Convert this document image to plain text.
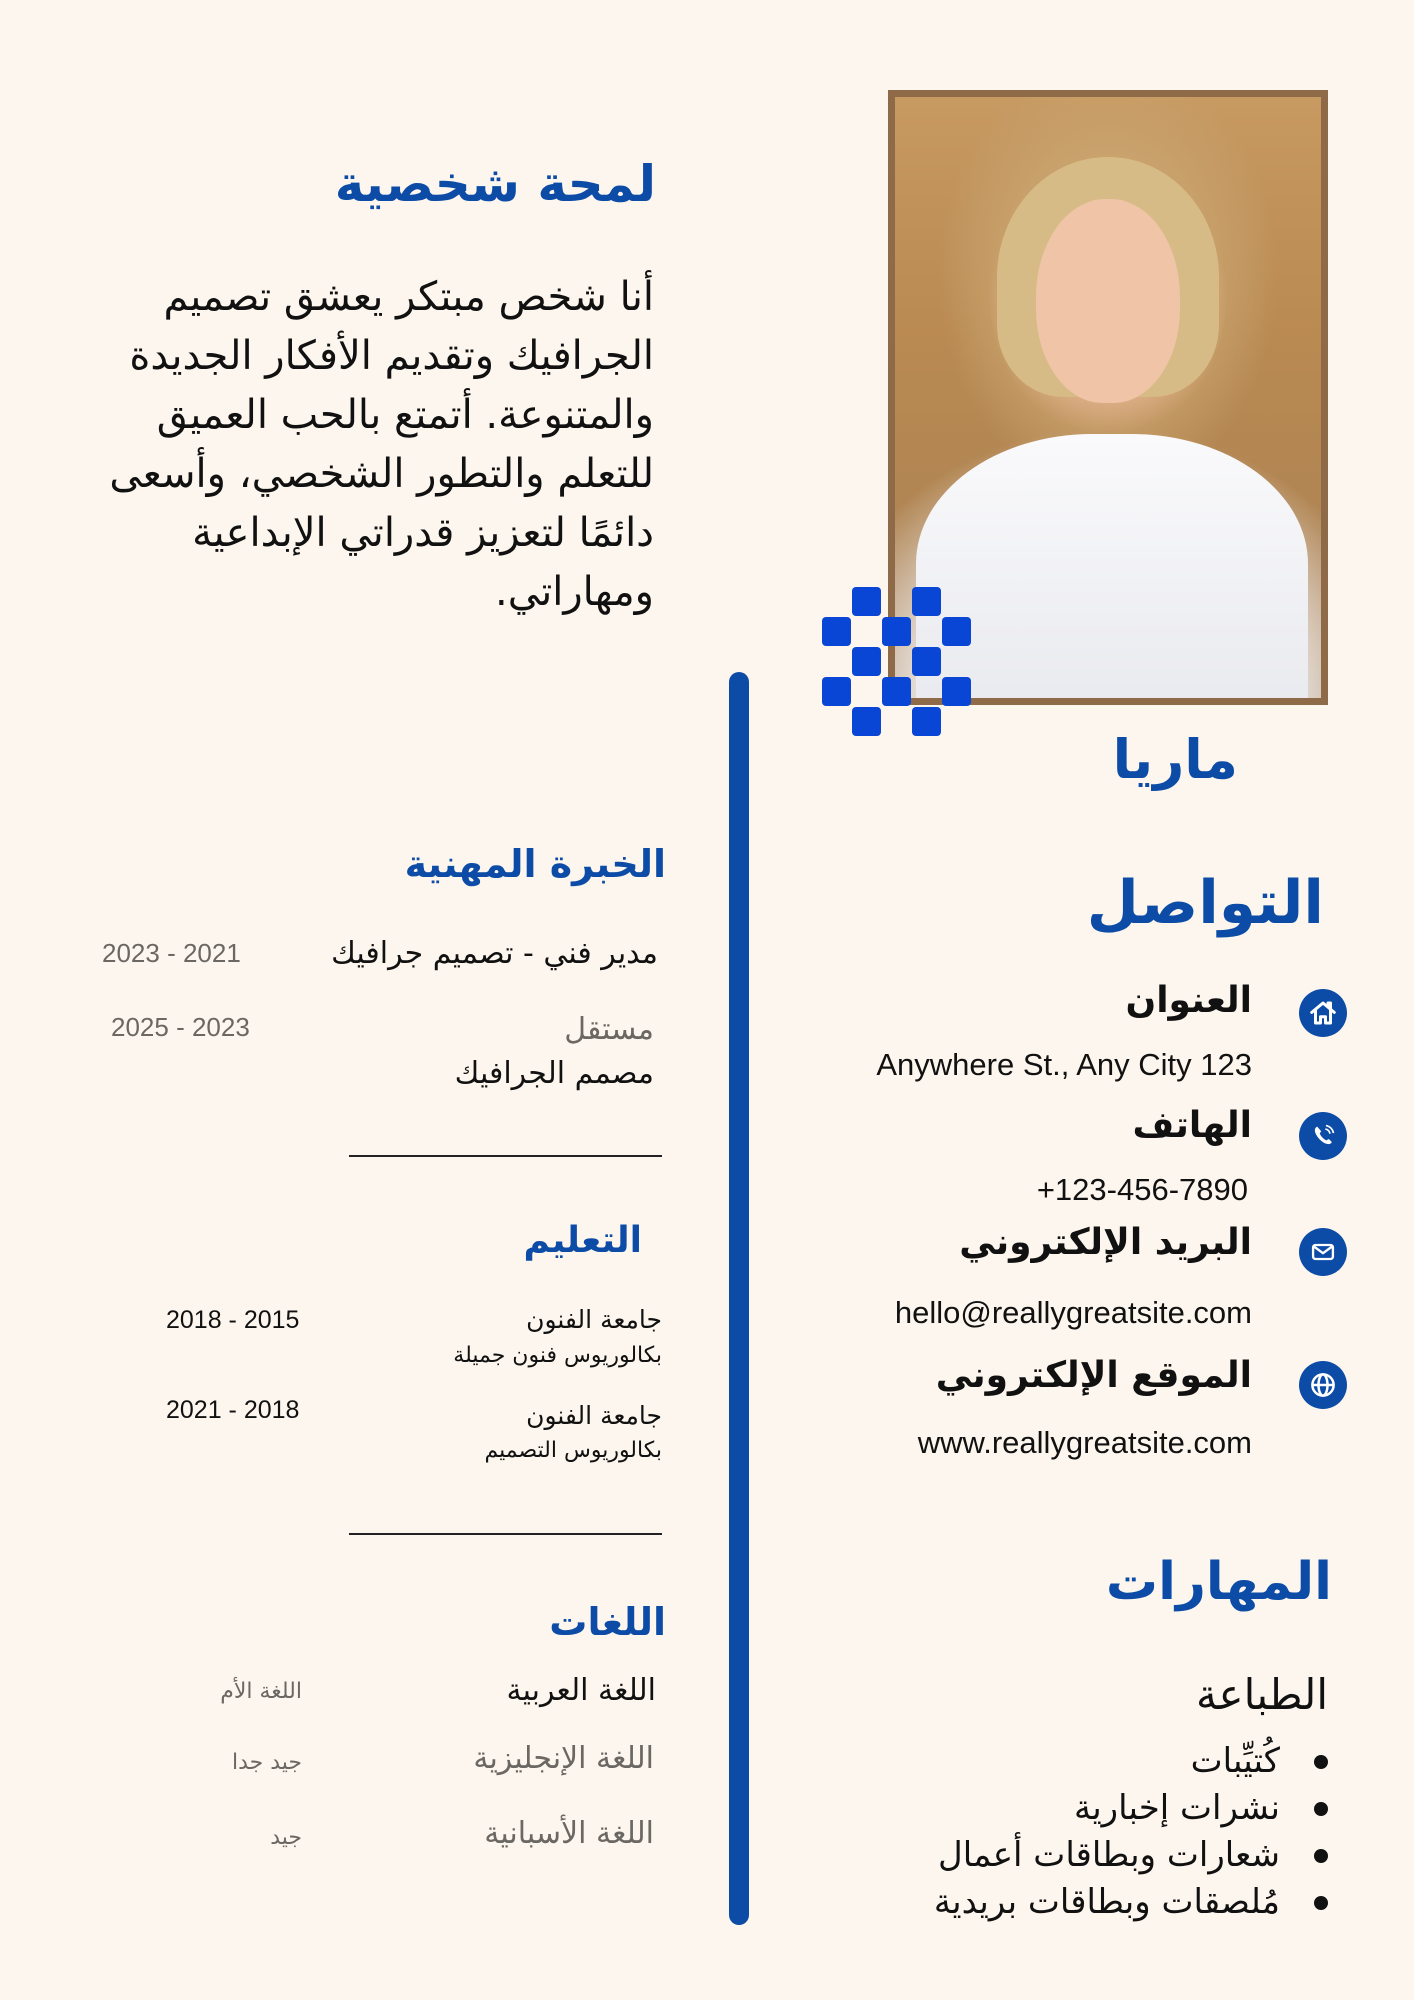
لمحة شخصية

أنا شخص مبتكر يعشق تصميم الجرافيك وتقديم الأفكار الجديدة والمتنوعة. أتمتع بالحب العميق للتعلم والتطور الشخصي، وأسعى دائمًا لتعزيز قدراتي الإبداعية ومهاراتي.

ماريا
التواصل
العنوان
Anywhere St., Any City 123
الهاتف
+123-456-7890
البريد الإلكتروني
hello@reallygreatsite.com
الموقع الإلكتروني
www.reallygreatsite.com
المهارات
الطباعة
كُتيِّبات
نشرات إخبارية
شعارات وبطاقات أعمال
مُلصقات وبطاقات بريدية
الخبرة المهنية
مدير فني - تصميم جرافيك
2023 - 2021
مستقل
مصمم الجرافيك
2025 - 2023
التعليم
جامعة الفنون
بكالوريوس فنون جميلة
2018 - 2015
جامعة الفنون
بكالوريوس التصميم
2021 - 2018
اللغات
اللغة العربية
اللغة الأم
اللغة الإنجليزية
جيد جدا
اللغة الأسبانية
جيد
